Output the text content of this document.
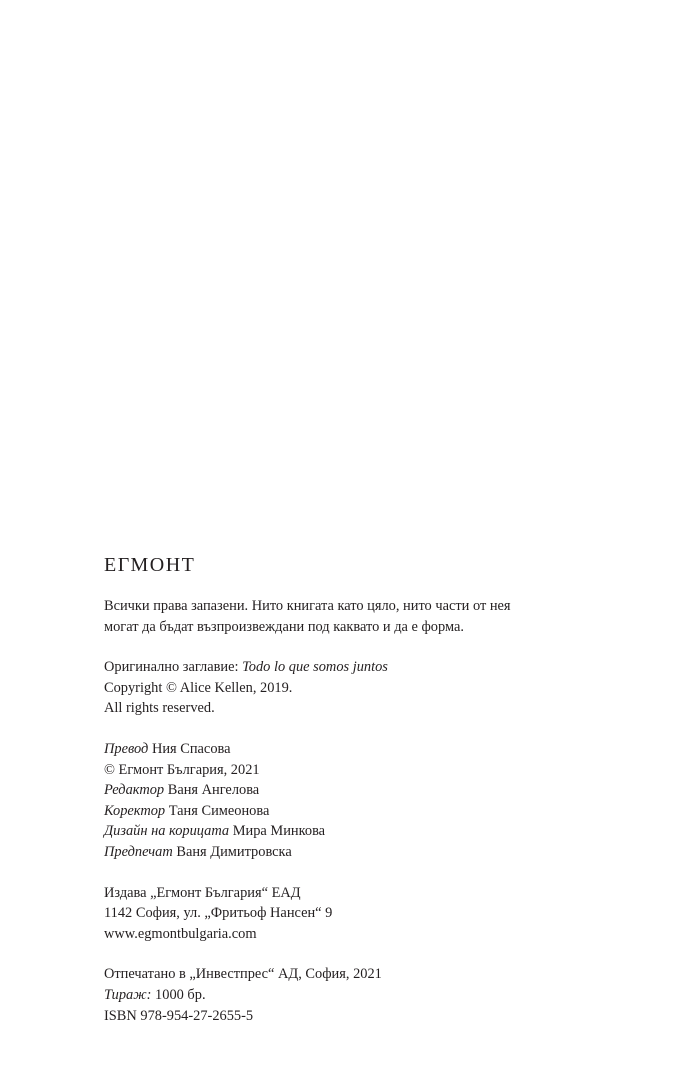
ЕГМОНТ
Всички права запазени. Нито книгата като цяло, нито части от нея
могат да бъдат възпроизвеждани под каквато и да е форма.
Оригинално заглавие: Todo lo que somos juntos
Copyright © Alice Kellen, 2019.
All rights reserved.
Превод Ния Спасова
© Егмонт България, 2021
Редактор Ваня Ангелова
Коректор Таня Симеонова
Дизайн на корицата Мира Минкова
Предпечат Ваня Димитровска
Издава „Егмонт България“ ЕАД
1142 София, ул. „Фритьоф Нансен“ 9
www.egmontbulgaria.com
Отпечатано в „Инвестпрес“ АД, София, 2021
Тираж: 1000 бр.
ISBN 978-954-27-2655-5
